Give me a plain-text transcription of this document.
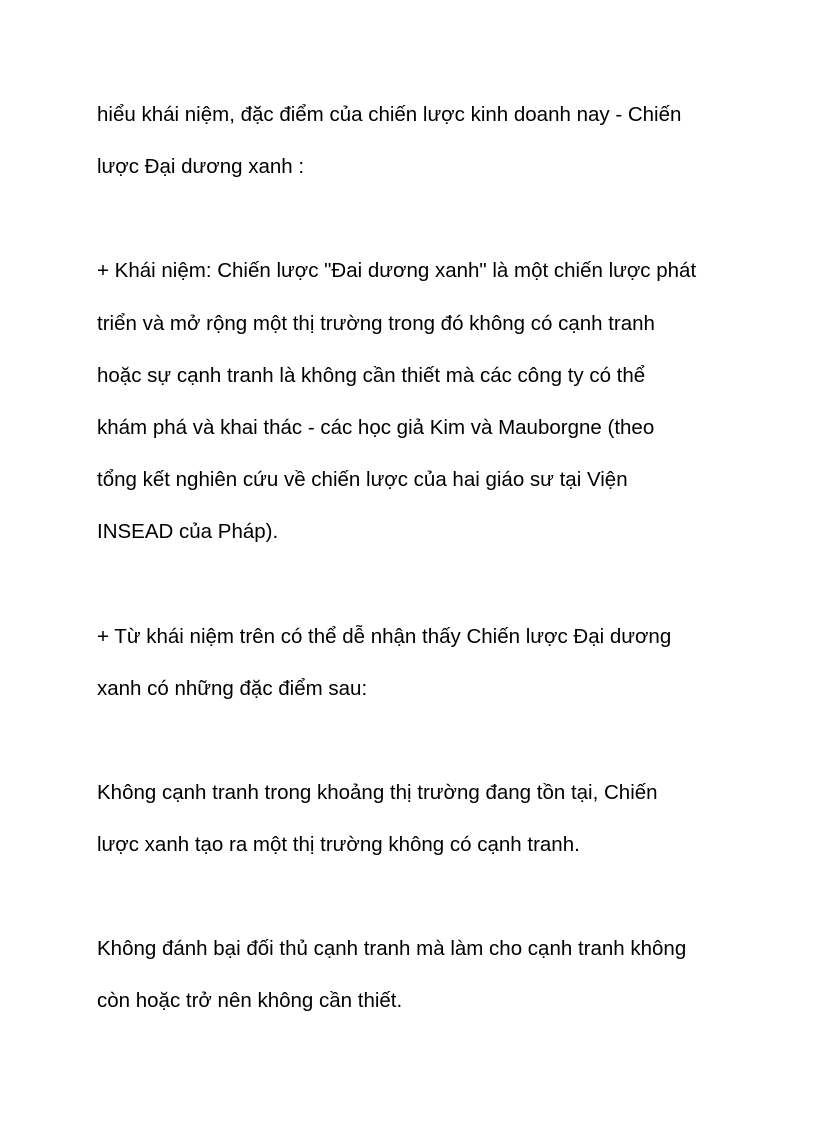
hiểu khái niệm, đặc điểm của chiến lược kinh doanh nay - Chiến

lược Đại dương xanh :

+ Khái niệm: Chiến lược "Đai dương xanh" là một chiến lược phát

triển và mở rộng một thị trường trong đó không có cạnh tranh

hoặc sự cạnh tranh là không cần thiết mà các công ty có thể

khám phá và khai thác - các học giả Kim và Mauborgne (theo

tổng kết nghiên cứu về chiến lược của hai giáo sư tại Viện

INSEAD của Pháp).

+ Từ khái niệm trên có thể dễ nhận thấy Chiến lược Đại dương

xanh có những đặc điểm sau:

Không cạnh tranh trong khoảng thị trường đang tồn tại, Chiến

lược xanh tạo ra một thị trường không có cạnh tranh.

Không đánh bại đối thủ cạnh tranh mà làm cho cạnh tranh không

còn hoặc trở nên không cần thiết.
